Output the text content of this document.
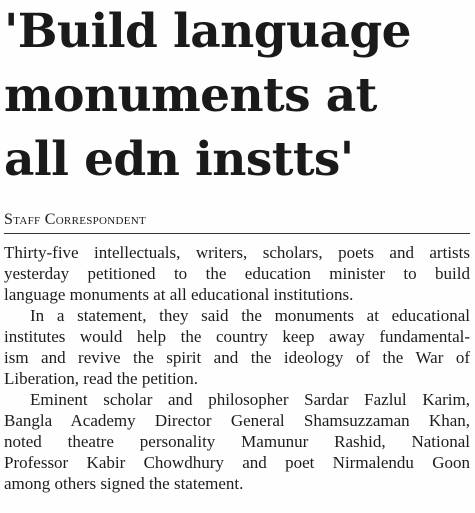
'Build language
monuments at
all edn instts'
Staff Correspondent
Thirty-five intellectuals, writers, scholars, poets and artists
yesterday petitioned to the education minister to build
language monuments at all educational institutions.
In a statement, they said the monuments at educational
institutes would help the country keep away fundamental-
ism and revive the spirit and the ideology of the War of
Liberation, read the petition.
Eminent scholar and philosopher Sardar Fazlul Karim,
Bangla Academy Director General Shamsuzzaman Khan,
noted theatre personality Mamunur Rashid, National
Professor Kabir Chowdhury and poet Nirmalendu Goon
among others signed the statement.
